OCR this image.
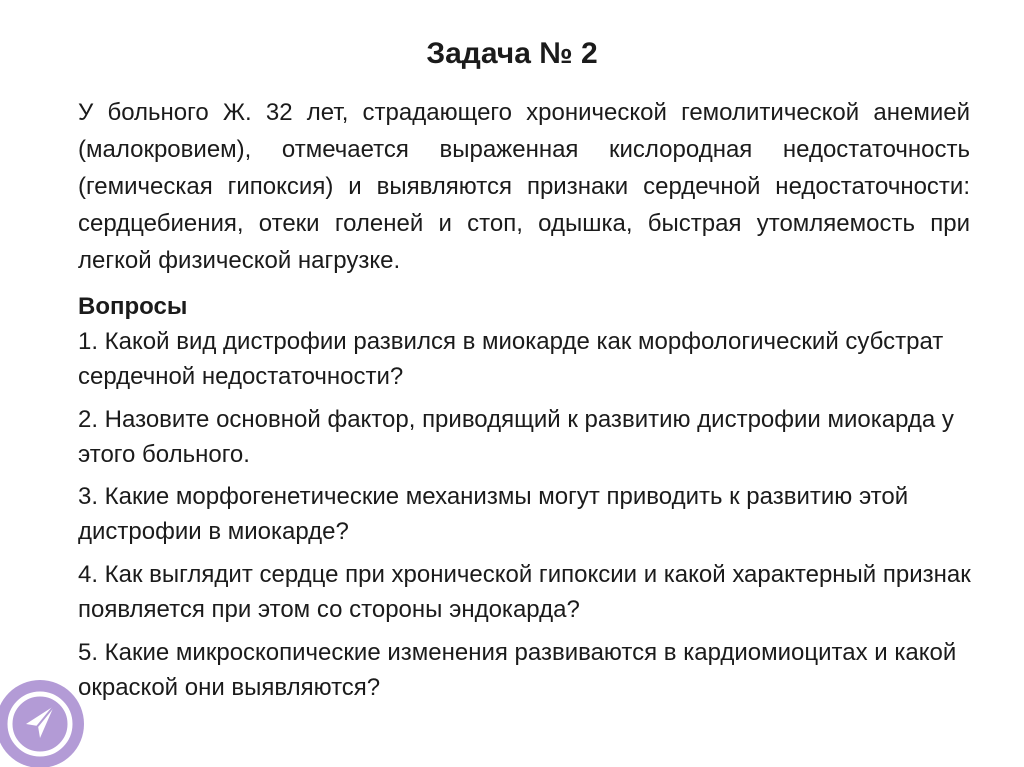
Задача № 2
У больного Ж. 32 лет, страдающего хронической гемолитической анемией (малокровием), отмечается выраженная кислородная недостаточность (гемическая гипоксия) и выявляются признаки сердечной недостаточности: сердцебиения, отеки голеней и стоп, одышка, быстрая утомляемость при легкой физической нагрузке.
Вопросы
1. Какой вид дистрофии развился в миокарде как морфологический субстрат сердечной недостаточности?
2. Назовите основной фактор, приводящий к развитию дистрофии миокарда у этого больного.
3. Какие морфогенетические механизмы могут приводить к развитию этой дистрофии в миокарде?
4. Как выглядит сердце при хронической гипоксии и какой характерный признак появляется при этом со стороны эндокарда?
5. Какие микроскопические изменения развиваются в кардиомиоцитах и какой окраской они выявляются?
